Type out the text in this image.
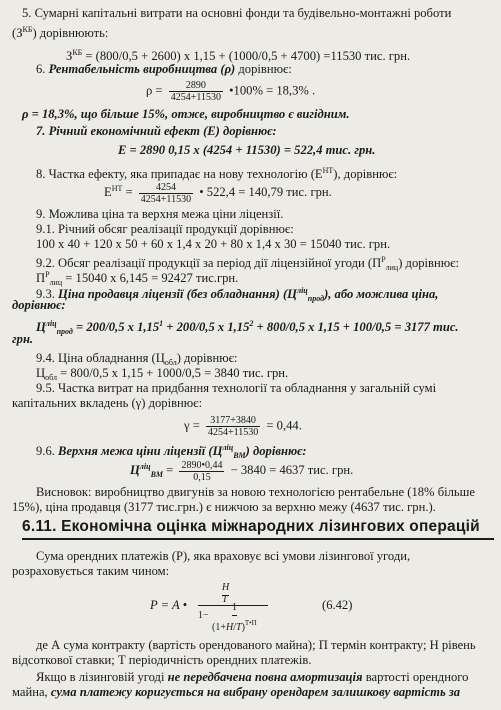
5. Сумарні капітальні витрати на основні фонди та будівельно-монтажні роботи
$(З^{КБ})$ дорівнюють:
$З^{КБ} = (800/0,5 + 2600)$ х 1,15 + (1000/0,5 + 4700) =11530 тис. грн.
6. Рентабельність виробництва (ρ) дорівнює:
$\rho = \frac{2890}{4254+11530}$ •100% = 18,3% .
ρ = 18,3%, що більше 15%, отже, виробництво є вигідним.
7. Річний економічний ефект (Е) дорівнює:
E = 2890 0,15 х (4254 + 11530) = 522,4 тис. грн.
8. Частка ефекту, яка припадає на нову технологію $(Е^{НТ})$, дорівнює:
$Е^{НТ} = \frac{4254}{4254+11530}$ • 522,4 = 140,79 тис. грн.
9. Можлива ціна та верхня межа ціни ліцензії.
9.1. Річний обсяг реалізації продукції дорівнює:
100 х 40 + 120 х 50 + 60 х 1,4 х 20 + 80 х 1,4 х 30 = 15040 тис. грн.
9.2. Обсяг реалізації продукції за період дії ліцензійної угоди $(П^Р_{лиц})$ дорівнює:
$П^Р_{лиц} = 15040$ х 6,145 = 92427 тис.грн.
9.3. Ціна продавця ліцензії (без обладнання) $(Ц^{ліц}_{прод})$, або можлива ціна,
дорівнює:
$Ц^{ліц}_{прод} = 200/0,5$ х $1,15^1 + 200/0,5$ х $1,15^2 + 800/0,5$ х 1,15 + 100/0,5 = 3177 тис.
грн.
9.4. Ціна обладнання $(Ц_{обл})$ дорівнює:
$Ц_{обл} = 800/0,5$ х 1,15 + 1000/0,5 = 3840 тис. грн.
9.5. Частка витрат на придбання технології та обладнання у загальній сумі
капітальних вкладень (γ) дорівнює:
$\gamma = \frac{3177+3840}{4254+11530} = 0,44$.
9.6. Верхня межа ціни ліцензії $(Ц^{ліц}_{ВМ})$ дорівнює:
$Ц^{ліц}_{ВМ} = \frac{2890•0,44}{0,15} - 3840 = 4637$ тис. грн.
Висновок: виробництво двигунів за новою технологією рентабельне (18% більше
15%), ціна продавця (3177 тис.грн.) є нижчою за верхню межу (4637 тис. грн.).
6.11. Економічна оцінка міжнародних лізингових операцій
Сума орендних платежів (Р), яка враховує всі умови лізингової угоди,
розраховується таким чином:
P = A •
H
T
1−
1
$(1+H/T)^{T•П}$
(6.42)
де А сума контракту (вартість орендованого майна); П термін контракту; Н рівень
відсоткової ставки; Т періодичність орендних платежів.
Якщо в лізинговій угоді не передбачена повна амортизація вартості орендного
майна, сума платежу коригується на вибрану орендарем залишкову вартість за
